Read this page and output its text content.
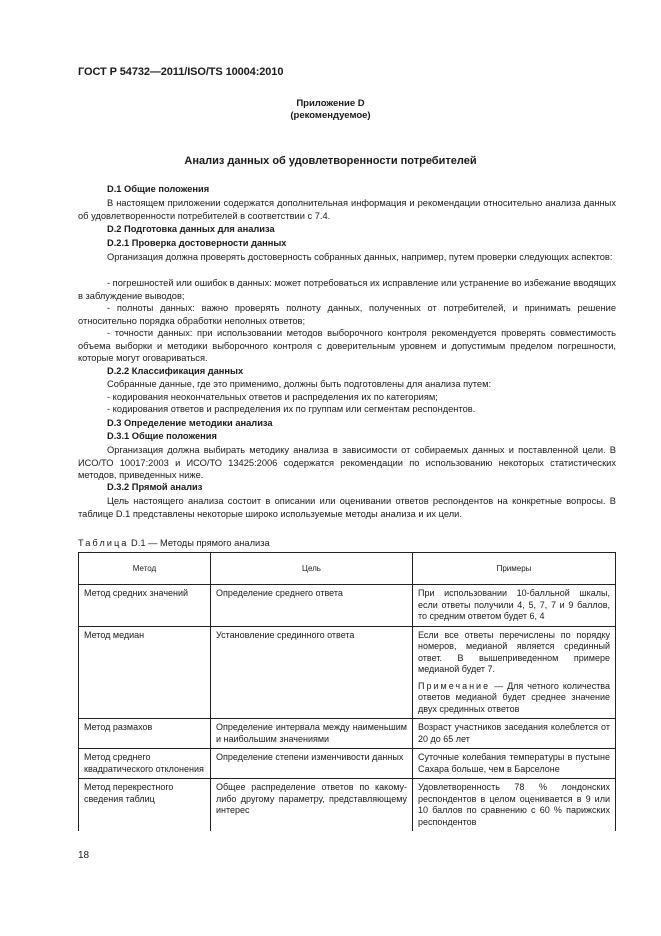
ГОСТ Р 54732—2011/ISO/TS 10004:2010
Приложение D
(рекомендуемое)
Анализ данных об удовлетворенности потребителей
D.1 Общие положения
В настоящем приложении содержатся дополнительная информация и рекомендации относительно анализа данных об удовлетворенности потребителей в соответствии с 7.4.
D.2 Подготовка данных для анализа
D.2.1 Проверка достоверности данных
Организация должна проверять достоверность собранных данных, например, путем проверки следующих аспектов:
- погрешностей или ошибок в данных: может потребоваться их исправление или устранение во избежание вводящих в заблуждение выводов;
- полноты данных: важно проверять полноту данных, полученных от потребителей, и принимать решение относительно порядка обработки неполных ответов;
- точности данных: при использовании методов выборочного контроля рекомендуется проверять совместимость объема выборки и методики выборочного контроля с доверительным уровнем и допустимым пределом погрешности, которые могут оговариваться.
D.2.2 Классификация данных
Собранные данные, где это применимо, должны быть подготовлены для анализа путем:
- кодирования неокончательных ответов и распределения их по категориям;
- кодирования ответов и распределения их по группам или сегментам респондентов.
D.3 Определение методики анализа
D.3.1 Общие положения
Организация должна выбирать методику анализа в зависимости от собираемых данных и поставленной цели. В ИСО/ТО 10017:2003 и ИСО/ТО 13425:2006 содержатся рекомендации по использованию некоторых статистических методов, приведенных ниже.
D.3.2 Прямой анализ
Цель настоящего анализа состоит в описании или оценивании ответов респондентов на конкретные вопросы. В таблице D.1 представлены некоторые широко используемые методы анализа и их цели.
Таблица D.1 — Методы прямого анализа
Метод	Цель	Примеры
Метод средних значений	Определение среднего ответа	При использовании 10-балльной шкалы, если ответы получили 4, 5, 7, 7 и 9 баллов, то средним ответом будет 6, 4
Метод медиан	Установление срединного ответа	Если все ответы перечислены по порядку номеров, медианой является срединный ответ. В вышеприведенном примере медианой будет 7.
Примечание — Для четного количества ответов медианой будет среднее значение двух срединных ответов

Метод размахов	Определение интервала между наименьшим и наибольшим значениями	Возраст участников заседания колеблется от 20 до 65 лет
Метод среднего квадратического отклонения	Определение степени изменчивости данных	Суточные колебания температуры в пустыне Сахара больше, чем в Барселоне
Метод перекрестного сведения таблиц	Общее распределение ответов по какому-либо другому параметру, представляющему интерес	Удовлетворенность 78 % лондонских респондентов в целом оценивается в 9 или 10 баллов по сравнению с 60 % парижских респондентов
18
